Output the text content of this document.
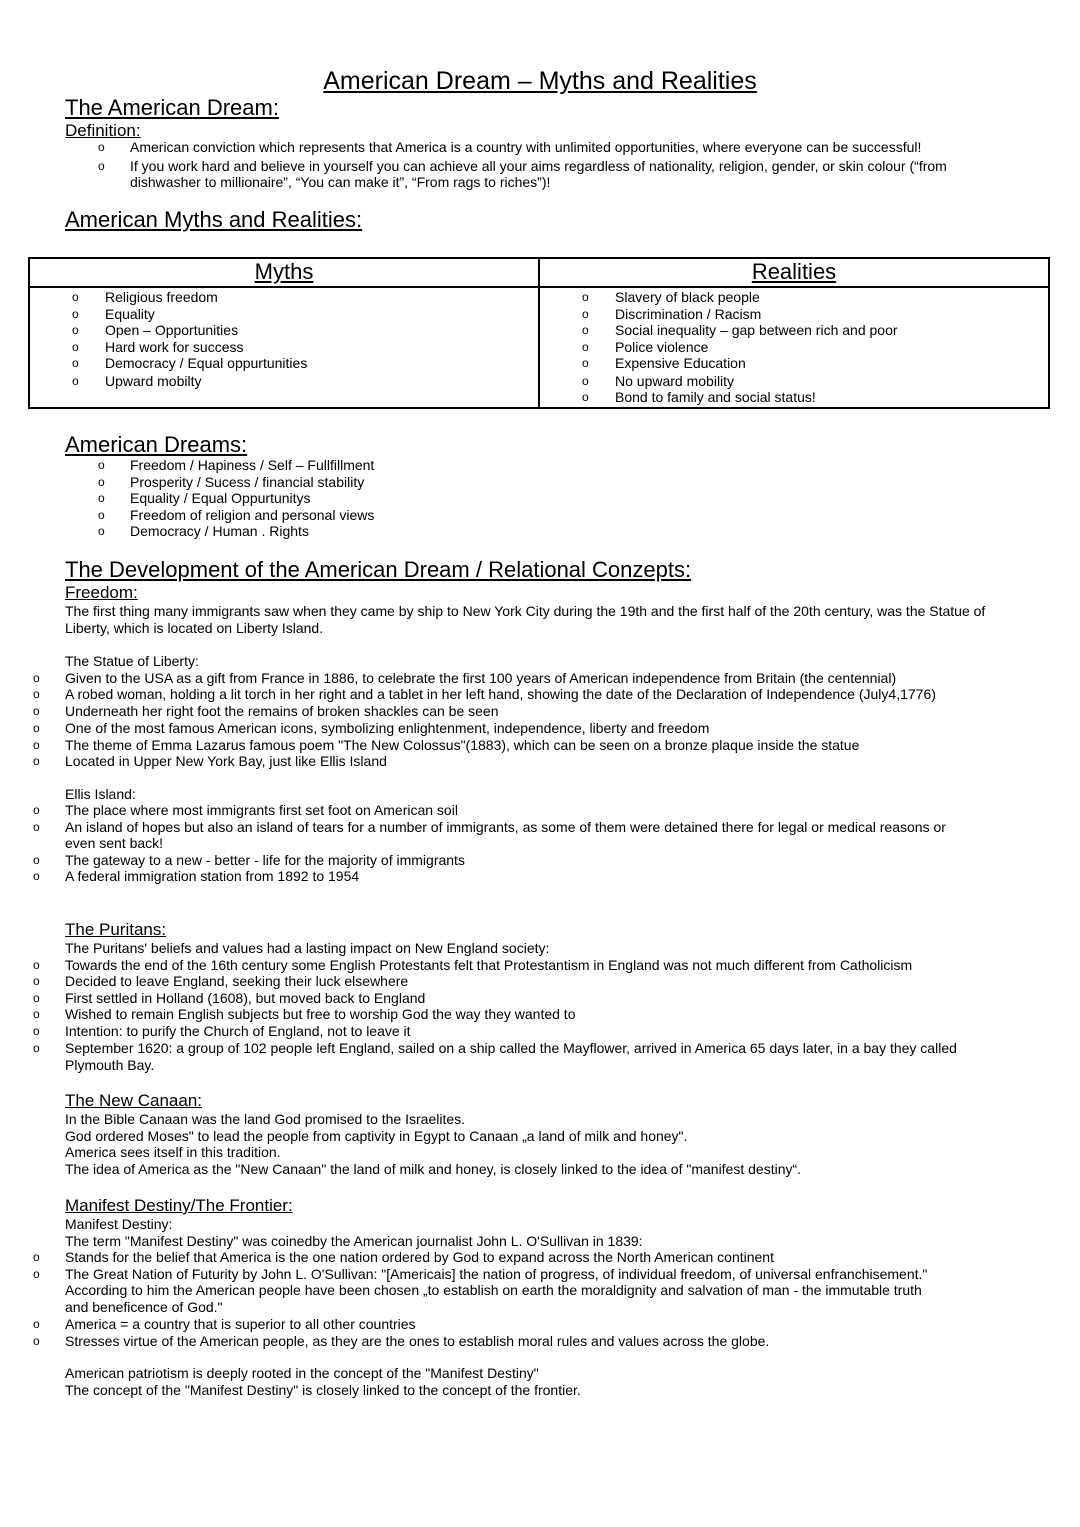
American Dream – Myths and Realities
The American Dream:
Definition:
o American conviction which represents that America is a country with unlimited opportunities, where everyone can be successful!
o If you work hard and believe in yourself you can achieve all your aims regardless of nationality, religion, gender, or skin colour (“from dishwasher to millionaire”, “You can make it”, “From rags to riches”)!
American Myths and Realities:
Myths	Realities
o Religious freedom
o Equality
o Open – Opportunities
o Hard work for success
o Democracy / Equal oppurtunities
o Upward mobilty
o Slavery of black people
o Discrimination / Racism
o Social inequality – gap between rich and poor
o Police violence
o Expensive Education
o No upward mobility
o Bond to family and social status!
American Dreams:
o Freedom / Hapiness / Self – Fullfillment
o Prosperity / Sucess / financial stability
o Equality / Equal Oppurtunitys
o Freedom of religion and personal views
o Democracy / Human . Rights
The Development of the American Dream / Relational Conzepts:
Freedom:
The first thing many immigrants saw when they came by ship to New York City during the 19th and the first half of the 20th century, was the Statue of Liberty, which is located on Liberty Island.
The Statue of Liberty:
o Given to the USA as a gift from France in 1886, to celebrate the first 100 years of American independence from Britain (the centennial)
o A robed woman, holding a lit torch in her right and a tablet in her left hand, showing the date of the Declaration of Independence (July4,1776)
o Underneath her right foot the remains of broken shackles can be seen
o One of the most famous American icons, symbolizing enlightenment, independence, liberty and freedom
o The theme of Emma Lazarus famous poem "The New Colossus"(1883), which can be seen on a bronze plaque inside the statue
o Located in Upper New York Bay, just like Ellis Island
Ellis Island:
o The place where most immigrants first set foot on American soil
o An island of hopes but also an island of tears for a number of immigrants, as some of them were detained there for legal or medical reasons or even sent back!
o The gateway to a new - better - life for the majority of immigrants
o A federal immigration station from 1892 to 1954
The Puritans:
The Puritans' beliefs and values had a lasting impact on New England society:
o Towards the end of the 16th century some English Protestants felt that Protestantism in England was not much different from Catholicism
o Decided to leave England, seeking their luck elsewhere
o First settled in Holland (1608), but moved back to England
o Wished to remain English subjects but free to worship God the way they wanted to
o Intention: to purify the Church of England, not to leave it
o September 1620: a group of 102 people left England, sailed on a ship called the Mayflower, arrived in America 65 days later, in a bay they called Plymouth Bay.
The New Canaan:
In the Bible Canaan was the land God promised to the Israelites.
God ordered Moses" to lead the people from captivity in Egypt to Canaan „a land of milk and honey".
America sees itself in this tradition.
The idea of America as the "New Canaan" the land of milk and honey, is closely linked to the idea of "manifest destiny“.
Manifest Destiny/The Frontier:
Manifest Destiny:
The term "Manifest Destiny" was coinedby the American journalist John L. O'Sullivan in 1839:
o Stands for the belief that America is the one nation ordered by God to expand across the North American continent
o The Great Nation of Futurity by John L. O'Sullivan: "[Americais] the nation of progress, of individual freedom, of universal enfranchisement."
According to him the American people have been chosen „to establish on earth the moraldignity and salvation of man - the immutable truth and beneficence of God."
o America = a country that is superior to all other countries
o Stresses virtue of the American people, as they are the ones to establish moral rules and values across the globe.
American patriotism is deeply rooted in the concept of the "Manifest Destiny"
The concept of the "Manifest Destiny" is closely linked to the concept of the frontier.
